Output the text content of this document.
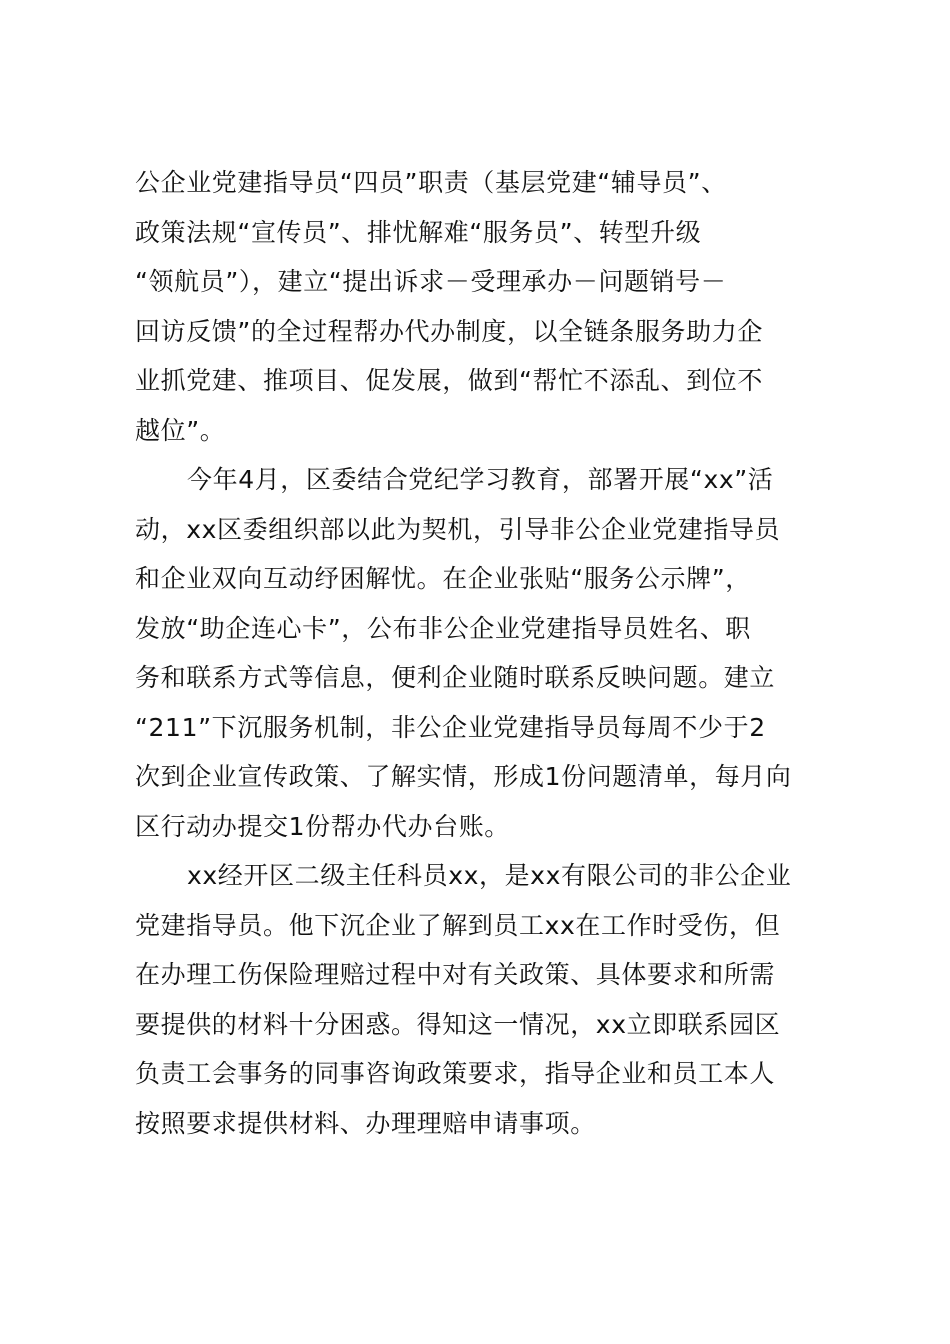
公企业党建指导员“四员”职责（基层党建“辅导员”、
政策法规“宣传员”、排忧解难“服务员”、转型升级
“领航员”），建立“提出诉求－受理承办－问题销号－
回访反馈”的全过程帮办代办制度，以全链条服务助力企
业抓党建、推项目、促发展，做到“帮忙不添乱、到位不
越位”。
今年4月，区委结合党纪学习教育，部署开展“xx”活
动，xx区委组织部以此为契机，引导非公企业党建指导员
和企业双向互动纾困解忧。在企业张贴“服务公示牌”，
发放“助企连心卡”，公布非公企业党建指导员姓名、职
务和联系方式等信息，便利企业随时联系反映问题。建立
“211”下沉服务机制，非公企业党建指导员每周不少于2
次到企业宣传政策、了解实情，形成1份问题清单，每月向
区行动办提交1份帮办代办台账。
xx经开区二级主任科员xx，是xx有限公司的非公企业
党建指导员。他下沉企业了解到员工xx在工作时受伤，但
在办理工伤保险理赔过程中对有关政策、具体要求和所需
要提供的材料十分困惑。得知这一情况，xx立即联系园区
负责工会事务的同事咨询政策要求，指导企业和员工本人
按照要求提供材料、办理理赔申请事项。
